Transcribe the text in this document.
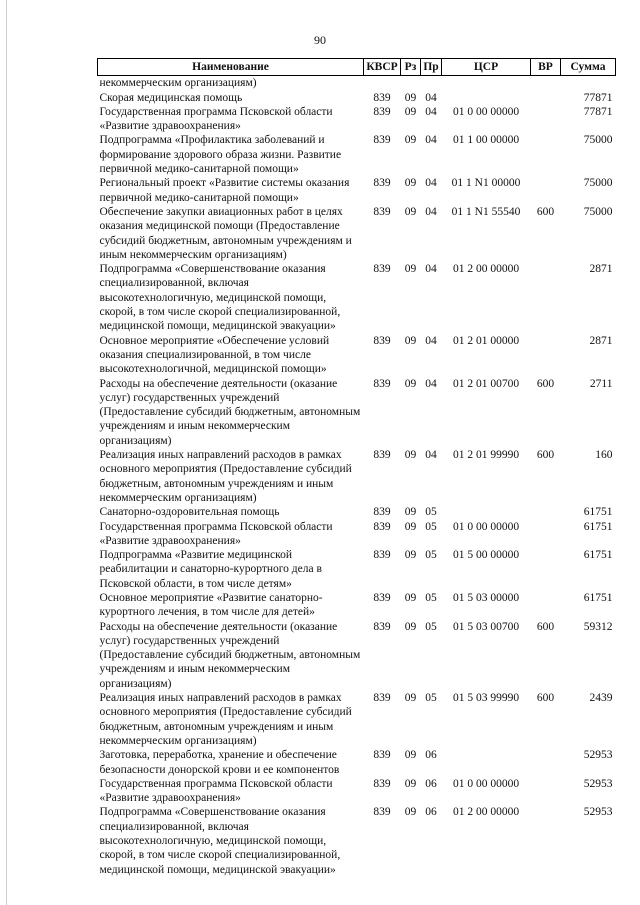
90
Наименование	КВСР	Рз	Пр	ЦСР	ВР	Сумма
некоммерческим организациям)						
Скорая медицинская помощь	839	09	04			77871
Государственная программа Псковской области «Развитие здравоохранения»	839	09	04	01 0 00 00000		77871
Подпрограмма «Профилактика заболеваний и формирование здорового образа жизни. Развитие первичной медико-санитарной помощи»	839	09	04	01 1 00 00000		75000
Региональный проект «Развитие системы оказания первичной медико-санитарной помощи»	839	09	04	01 1 N1 00000		75000
Обеспечение закупки авиационных работ в целях оказания медицинской помощи (Предоставление субсидий бюджетным, автономным учреждениям и иным некоммерческим организациям)	839	09	04	01 1 N1 55540	600	75000
Подпрограмма «Совершенствование оказания специализированной, включая высокотехнологичную, медицинской помощи, скорой, в том числе скорой специализированной, медицинской помощи, медицинской эвакуации»	839	09	04	01 2 00 00000		2871
Основное мероприятие «Обеспечение условий оказания специализированной, в том числе высокотехнологичной, медицинской помощи»	839	09	04	01 2 01 00000		2871
Расходы на обеспечение деятельности (оказание услуг) государственных учреждений (Предоставление субсидий бюджетным, автономным учреждениям и иным некоммерческим организациям)	839	09	04	01 2 01 00700	600	2711
Реализация иных направлений расходов в рамках основного мероприятия (Предоставление субсидий бюджетным, автономным учреждениям и иным некоммерческим организациям)	839	09	04	01 2 01 99990	600	160
Санаторно-оздоровительная помощь	839	09	05			61751
Государственная программа Псковской области «Развитие здравоохранения»	839	09	05	01 0 00 00000		61751
Подпрограмма «Развитие медицинской реабилитации и санаторно-курортного дела в Псковской области, в том числе детям»	839	09	05	01 5 00 00000		61751
Основное мероприятие «Развитие санаторно-курортного лечения, в том числе для детей»	839	09	05	01 5 03 00000		61751
Расходы на обеспечение деятельности (оказание услуг) государственных учреждений (Предоставление субсидий бюджетным, автономным учреждениям и иным некоммерческим организациям)	839	09	05	01 5 03 00700	600	59312
Реализация иных направлений расходов в рамках основного мероприятия (Предоставление субсидий бюджетным, автономным учреждениям и иным некоммерческим организациям)	839	09	05	01 5 03 99990	600	2439
Заготовка, переработка, хранение и обеспечение безопасности донорской крови и ее компонентов	839	09	06			52953
Государственная программа Псковской области «Развитие здравоохранения»	839	09	06	01 0 00 00000		52953
Подпрограмма «Совершенствование оказания специализированной, включая высокотехнологичную, медицинской помощи, скорой, в том числе скорой специализированной, медицинской помощи, медицинской эвакуации»	839	09	06	01 2 00 00000		52953
